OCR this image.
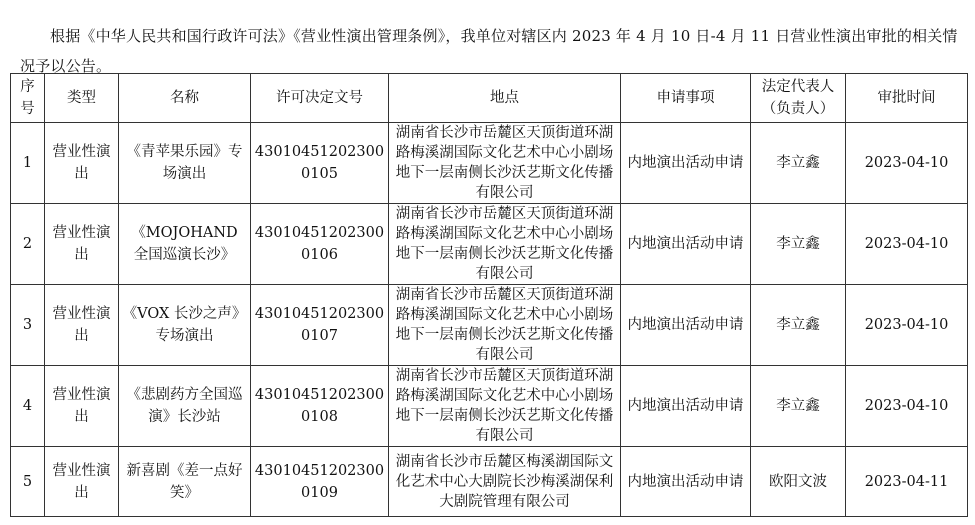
根据《中华人民共和国行政许可法》《营业性演出管理条例》，我单位对辖区内 2023 年 4 月 10 日-4 月 11 日营业性演出审批的相关情况予以公告。

序号	类型	名称	许可决定文号	地点	申请事项	法定代表人（负责人）	审批时间
1	营业性演出	《青苹果乐园》专场演出	430104512023000105	湖南省长沙市岳麓区天顶街道环湖路梅溪湖国际文化艺术中心小剧场地下一层南侧长沙沃艺斯文化传播有限公司	内地演出活动申请	李立鑫	2023-04-10
2	营业性演出	《MOJOHAND 全国巡演长沙》	430104512023000106	湖南省长沙市岳麓区天顶街道环湖路梅溪湖国际文化艺术中心小剧场地下一层南侧长沙沃艺斯文化传播有限公司	内地演出活动申请	李立鑫	2023-04-10
3	营业性演出	《VOX 长沙之声》专场演出	430104512023000107	湖南省长沙市岳麓区天顶街道环湖路梅溪湖国际文化艺术中心小剧场地下一层南侧长沙沃艺斯文化传播有限公司	内地演出活动申请	李立鑫	2023-04-10
4	营业性演出	《悲剧药方全国巡演》长沙站	430104512023000108	湖南省长沙市岳麓区天顶街道环湖路梅溪湖国际文化艺术中心小剧场地下一层南侧长沙沃艺斯文化传播有限公司	内地演出活动申请	李立鑫	2023-04-10
5	营业性演出	新喜剧《差一点好笑》	430104512023000109	湖南省长沙市岳麓区梅溪湖国际文化艺术中心大剧院长沙梅溪湖保利大剧院管理有限公司	内地演出活动申请	欧阳文波	2023-04-11
